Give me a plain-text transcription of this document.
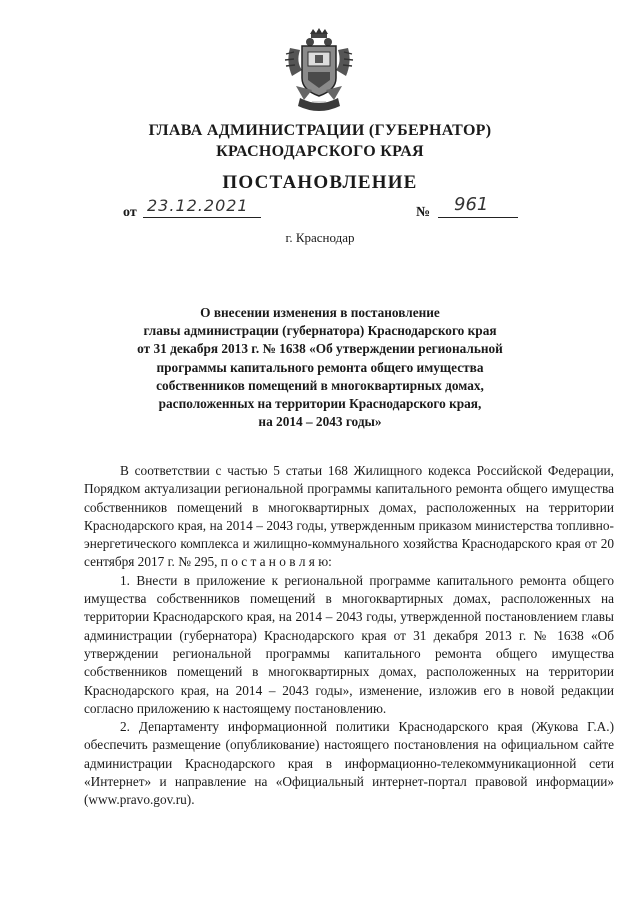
ГЛАВА АДМИНИСТРАЦИИ (ГУБЕРНАТОР)
КРАСНОДАРСКОГО КРАЯ
ПОСТАНОВЛЕНИЕ
от 23.12.2021	№	961
г. Краснодар
О внесении изменения в постановление
главы администрации (губернатора) Краснодарского края
от 31 декабря 2013 г. № 1638 «Об утверждении региональной
программы капитального ремонта общего имущества
собственников помещений в многоквартирных домах,
расположенных на территории Краснодарского края,
на 2014 – 2043 годы»

В соответствии с частью 5 статьи 168 Жилищного кодекса Российской Федерации, Порядком актуализации региональной программы капитального ремонта общего имущества собственников помещений в многоквартирных домах, расположенных на территории Краснодарского края, на 2014 – 2043 годы, утвержденным приказом министерства топливно-энергетического комплекса и жилищно-коммунального хозяйства Краснодарского края от 20 сентября 2017 г. № 295, п о с т а н о в л я ю:

1. Внести в приложение к региональной программе капитального ремонта общего имущества собственников помещений в многоквартирных домах, расположенных на территории Краснодарского края, на 2014 – 2043 годы, утвержденной постановлением главы администрации (губернатора) Краснодарского края от 31 декабря 2013 г. № 1638 «Об утверждении региональной программы капитального ремонта общего имущества собственников помещений в многоквартирных домах, расположенных на территории Краснодарского края, на 2014 – 2043 годы», изменение, изложив его в новой редакции согласно приложению к настоящему постановлению.

2. Департаменту информационной политики Краснодарского края (Жукова Г.А.) обеспечить размещение (опубликование) настоящего постановления на официальном сайте администрации Краснодарского края в информационно-телекоммуникационной сети «Интернет» и направление на «Официальный интернет-портал правовой информации» (www.pravo.gov.ru).
